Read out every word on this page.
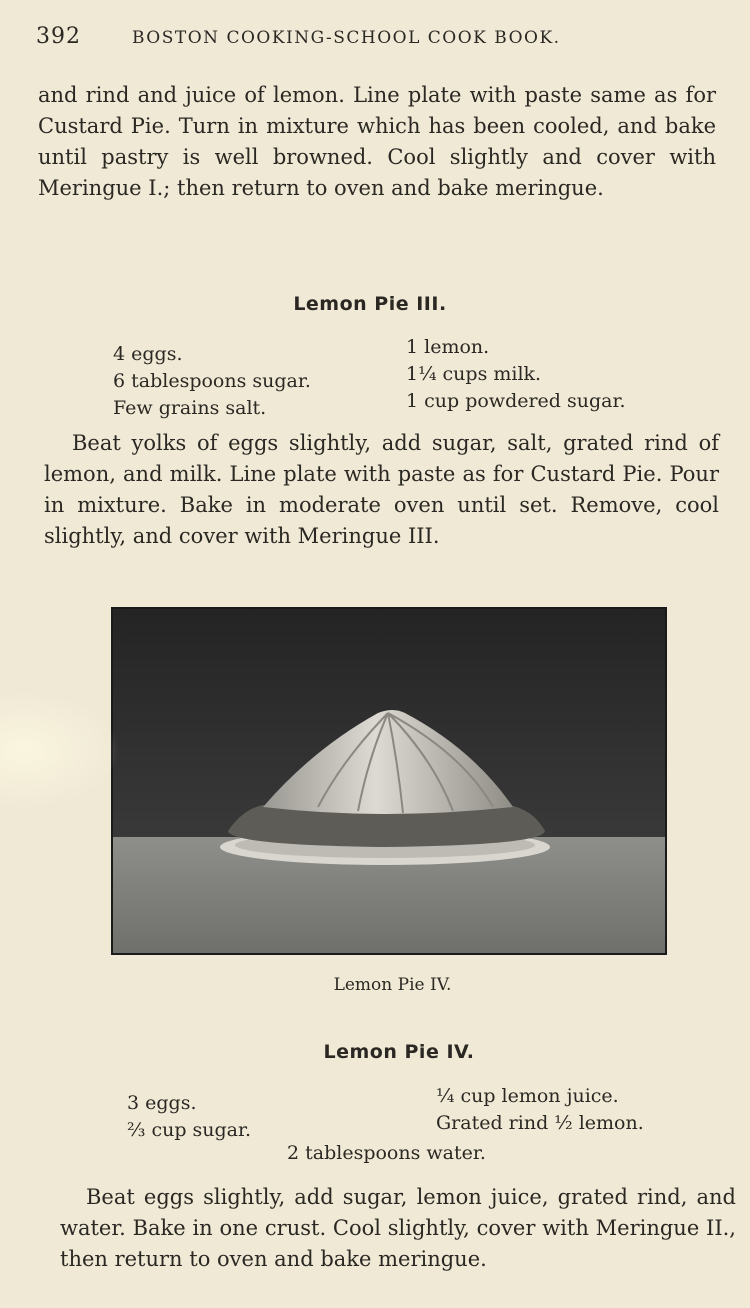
392	BOSTON COOKING-SCHOOL COOK BOOK.
and rind and juice of lemon. Line plate with paste same as for Custard Pie. Turn in mixture which has been cooled, and bake until pastry is well browned. Cool slightly and cover with Meringue I.; then return to oven and bake meringue.
Lemon Pie III.
4 eggs.
6 tablespoons sugar.
Few grains salt.
1 lemon.
1¼ cups milk.
1 cup powdered sugar.
Beat yolks of eggs slightly, add sugar, salt, grated rind of lemon, and milk. Line plate with paste as for Custard Pie. Pour in mixture. Bake in moderate oven until set. Remove, cool slightly, and cover with Meringue III.
Lemon Pie IV.
Lemon Pie IV.
3 eggs.
⅔ cup sugar.
¼ cup lemon juice.
Grated rind ½ lemon.
2 tablespoons water.
Beat eggs slightly, add sugar, lemon juice, grated rind, and water. Bake in one crust. Cool slightly, cover with Meringue II., then return to oven and bake meringue.
